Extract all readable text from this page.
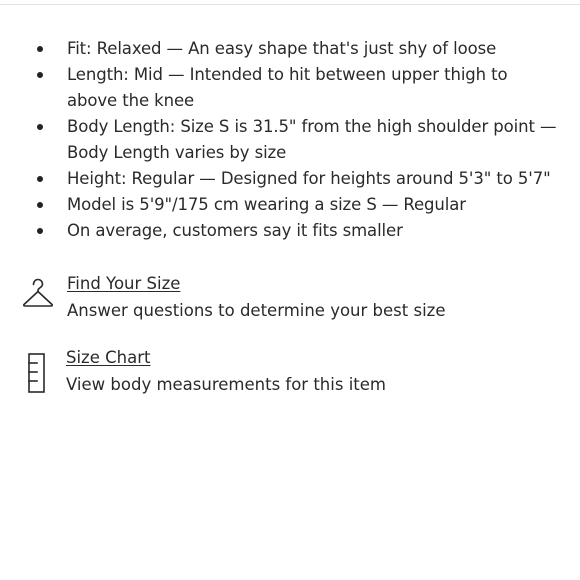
Fit: Relaxed — An easy shape that's just shy of loose
Length: Mid — Intended to hit between upper thigh to above the knee
Body Length: Size S is 31.5" from the high shoulder point — Body Length varies by size
Height: Regular — Designed for heights around 5'3" to 5'7"
Model is 5'9"/175 cm wearing a size S — Regular
On average, customers say it fits smaller
Find Your Size
Answer questions to determine your best size
Size Chart
View body measurements for this item
